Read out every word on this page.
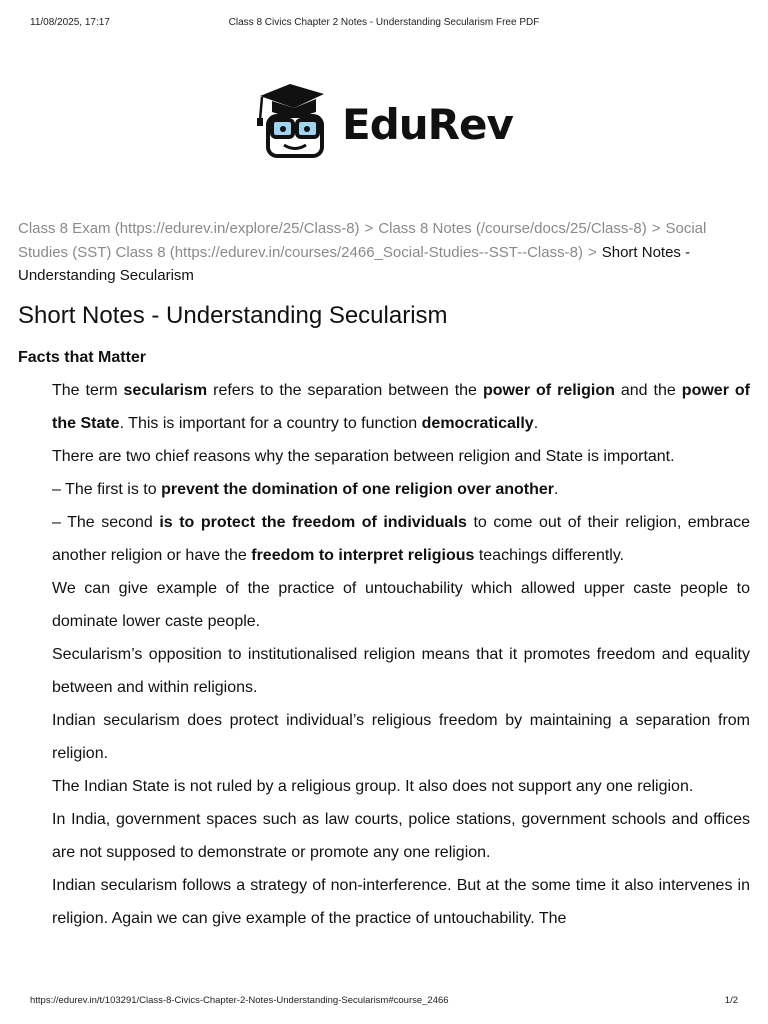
11/08/2025, 17:17	Class 8 Civics Chapter 2 Notes - Understanding Secularism Free PDF
EduRev
Class 8 Exam (https://edurev.in/explore/25/Class-8) > Class 8 Notes (/course/docs/25/Class-8) > Social Studies (SST) Class 8 (https://edurev.in/courses/2466_Social-Studies--SST--Class-8) > Short Notes - Understanding Secularism
Short Notes - Understanding Secularism
Facts that Matter

The term secularism refers to the separation between the power of religion and the power of the State. This is important for a country to function democratically.

There are two chief reasons why the separation between religion and State is important.

– The first is to prevent the domination of one religion over another.

– The second is to protect the freedom of individuals to come out of their religion, embrace another religion or have the freedom to interpret religious teachings differently.

We can give example of the practice of untouchability which allowed upper caste people to dominate lower caste people.

Secularism’s opposition to institutionalised religion means that it promotes freedom and equality between and within religions.

Indian secularism does protect individual’s religious freedom by maintaining a separation from religion.

The Indian State is not ruled by a religious group. It also does not support any one religion.

In India, government spaces such as law courts, police stations, government schools and offices are not supposed to demonstrate or promote any one religion.

Indian secularism follows a strategy of non-interference. But at the some time it also intervenes in religion. Again we can give example of the practice of untouchability. The

https://edurev.in/t/103291/Class-8-Civics-Chapter-2-Notes-Understanding-Secularism#course_2466	1/2
